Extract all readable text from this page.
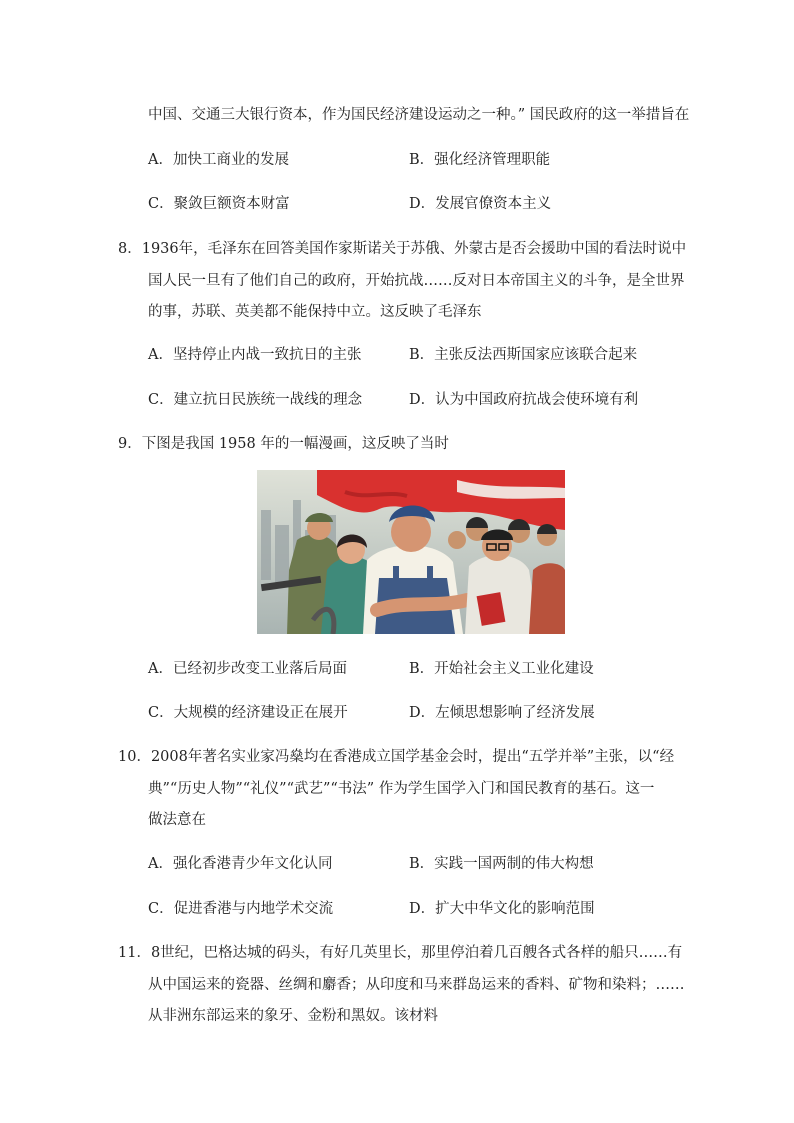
中国、交通三大银行资本，作为国民经济建设运动之一种。” 国民政府的这一举措旨在
A．加快工商业的发展	B．强化经济管理职能
C．聚敛巨额资本财富	D．发展官僚资本主义
8．1936年，毛泽东在回答美国作家斯诺关于苏俄、外蒙古是否会援助中国的看法时说中
国人民一旦有了他们自己的政府，开始抗战……反对日本帝国主义的斗争，是全世界
的事，苏联、英美都不能保持中立。这反映了毛泽东
A．坚持停止内战一致抗日的主张	B．主张反法西斯国家应该联合起来
C．建立抗日民族统一战线的理念	D．认为中国政府抗战会使环境有利
9．下图是我国 1958 年的一幅漫画，这反映了当时
A．已经初步改变工业落后局面	B．开始社会主义工业化建设
C．大规模的经济建设正在展开	D．左倾思想影响了经济发展
10．2008年著名实业家冯燊均在香港成立国学基金会时，提出“五学并举”主张，以“经
典”“历史人物”“礼仪”“武艺”“书法” 作为学生国学入门和国民教育的基石。这一
做法意在
A．强化香港青少年文化认同	B．实践一国两制的伟大构想
C．促进香港与内地学术交流	D．扩大中华文化的影响范围
11．8世纪，巴格达城的码头，有好几英里长，那里停泊着几百艘各式各样的船只……有
从中国运来的瓷器、丝绸和麝香；从印度和马来群岛运来的香料、矿物和染料；……
从非洲东部运来的象牙、金粉和黑奴。该材料
